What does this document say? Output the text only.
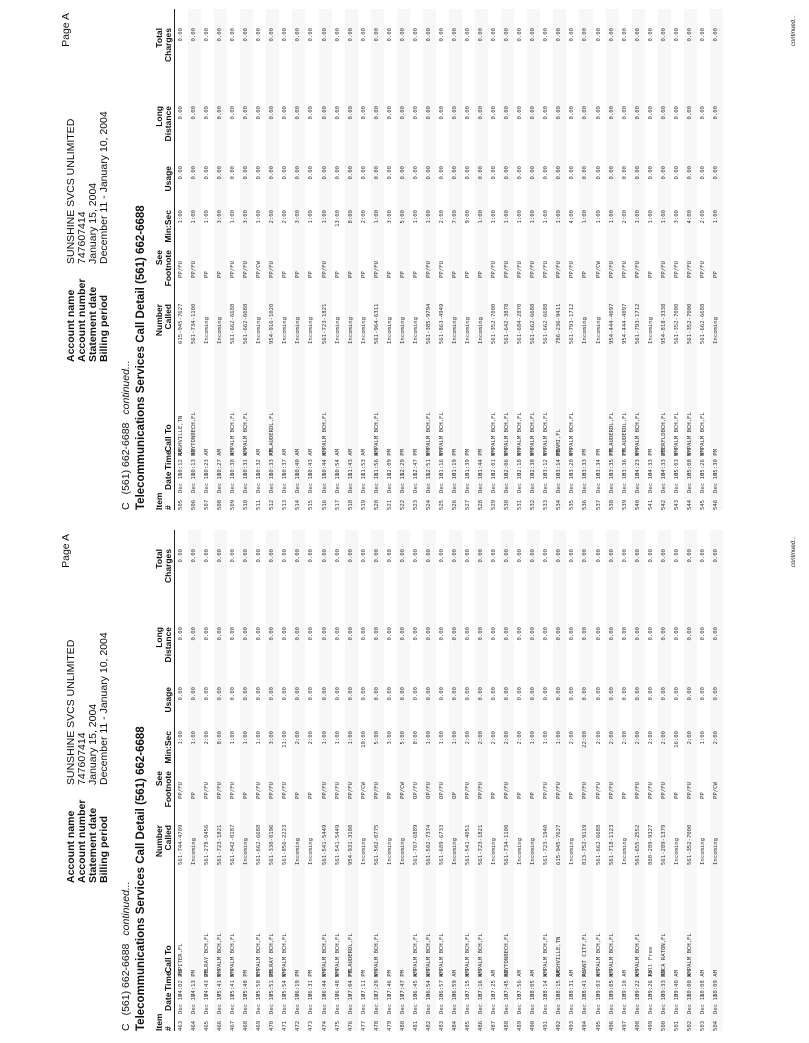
Page A
Account name
SUNSHINE SVCS UNLIMITED
Account number
747607414
Statement date
January 15, 2004
Billing period
December 11 - January 10, 2004
C(561) 662-6688continued... Telecommunications Services Call Detail (561) 662-6688 Item #
Date
Time
Call To
Number
Called
See
Footnote
Min:Sec
Usage
Long
Distance
Total
Charges
463
Dec 17
04:02 PM
JUPITER,FL
561-744-4709
PP/FU
1:00
0.00
0.00
0.00
464
Dec 17
04:13 PM
Incoming
PP
1:00
0.00
0.00
0.00
465
Dec 17
04:43 PM
DELRAY BCH,FL
561-278-0456
PP/FU
2:00
0.00
0.00
0.00
466
Dec 17
05:41 PM
W PALM BCH,FL
561-723-1821
PP/FU
8:00
0.00
0.00
0.00
467
Dec 17
05:41 PM
W PALM BCH,FL
561-842-0187
PP/FU
1:00
0.00
0.00
0.00
468
Dec 17
05:48 PM
Incoming
PP
1:00
0.00
0.00
0.00
469
Dec 17
05:50 PM
W PALM BCH,FL
561-662-6688
PP/FU
1:00
0.00
0.00
0.00
470
Dec 17
05:51 PM
DELRAY BCH,FL
561-330-0196
PP/FU
3:00
0.00
0.00
0.00
471
Dec 17
05:54 PM
W PALM BCH,FL
561-856-2223
PP/FU
11:00
0.00
0.00
0.00
472
Dec 17
06:19 PM
Incoming
PP
2:00
0.00
0.00
0.00
473
Dec 17
06:31 PM
Incoming
PP
2:00
0.00
0.00
0.00
474
Dec 17
06:44 PM
W PALM BCH,FL
561-541-5449
PP/FU
1:00
0.00
0.00
0.00
475
Dec 17
06:48 PM
W PALM BCH,FL
561-541-5449
PP/FU
1:00
0.00
0.00
0.00
476
Dec 17
07:04 PM
FTLAUDERDL,FL
954-931-3180
PP/FU
1:00
0.00
0.00
0.00
477
Dec 17
07:11 PM
Incoming
PP/CW
19:00
0.00
0.00
0.00
478
Dec 17
07:29 PM
W PALM BCH,FL
561-502-0775
PP/FU
5:00
0.00
0.00
0.00
479
Dec 17
07:46 PM
Incoming
PP
3:00
0.00
0.00
0.00
480
Dec 17
07:47 PM
Incoming
PP/CW
5:00
0.00
0.00
0.00
481
Dec 18
06:45 AM
W PALM BCH,FL
561-707-6889
OP/FU
8:00
0.00
0.00
0.00
482
Dec 18
06:54 AM
W PALM BCH,FL
561-502-7374
OP/FU
1:00
0.00
0.00
0.00
483
Dec 18
06:57 AM
W PALM BCH,FL
561-689-6733
OP/FU
1:00
0.00
0.00
0.00
484
Dec 18
06:59 AM
Incoming
OP
1:00
0.00
0.00
0.00
485
Dec 18
07:15 AM
W PALM BCH,FL
561-541-4051
PP/FU
2:00
0.00
0.00
0.00
486
Dec 18
07:16 AM
W PALM BCH,FL
561-723-1821
PP/FU
2:00
0.00
0.00
0.00
487
Dec 18
07:25 AM
Incoming
PP
2:00
0.00
0.00
0.00
488
Dec 18
07:45 AM
BOYTONBECH,FL
561-734-1100
PP/FU
2:00
0.00
0.00
0.00
489
Dec 18
07:56 AM
Incoming
PP
2:00
0.00
0.00
0.00
490
Dec 18
08:05 AM
Incoming
PP
1:00
0.00
0.00
0.00
491
Dec 18
08:14 AM
W PALM BCH,FL
561-723-1940
PP/FU
1:00
0.00
0.00
0.00
492
Dec 18
08:15 AM
NASHVILLE,TN
615-945-7627
PP/FU
1:00
0.00
0.00
0.00
493
Dec 18
08:31 AM
Incoming
PP
2:00
0.00
0.00
0.00
494
Dec 18
08:41 AM
PLANT CITY,FL
813-752-9119
PP/FU
22:00
0.00
0.00
0.00
495
Dec 18
09:03 AM
W PALM BCH,FL
561-662-6688
PP/FU
2:00
0.00
0.00
0.00
496
Dec 18
09:05 AM
W PALM BCH,FL
561-718-1123
PP/FU
2:00
0.00
0.00
0.00
497
Dec 18
09:10 AM
Incoming
PP
2:00
0.00
0.00
0.00
498
Dec 18
09:22 AM
W PALM BCH,FL
561-655-2552
PP/FU
2:00
0.00
0.00
0.00
499
Dec 18
09:26 AM
Toll Free
800-289-9327
PP/FU
2:00
0.00
0.00
0.00
500
Dec 18
09:33 AM
BOCA RATON,FL
561-289-1379
PP/FU
2:00
0.00
0.00
0.00
501
Dec 18
09:40 AM
Incoming
PP
16:00
0.00
0.00
0.00
502
Dec 18
10:00 AM
W PALM BCH,FL
561-352-7000
PP/FU
2:00
0.00
0.00
0.00
503
Dec 18
10:08 AM
Incoming
PP
1:00
0.00
0.00
0.00
504
Dec 18
10:09 AM
Incoming
PP/CW
2:00
0.00
0.00
0.00	continued...
Page A
Account name
SUNSHINE SVCS UNLIMITED
Account number
747607414
Statement date
January 15, 2004
Billing period
December 11 - January 10, 2004
C(561) 662-6688continued... Telecommunications Services Call Detail (561) 662-6688 Item #
Date
Time
Call To
Number
Called
See
Footnote
Min:Sec
Usage
Long
Distance
Total
Charges
505
Dec 18
10:12 AM
NASHVILLE,TN
615-945-7627
PP/FU
1:00
0.00
0.00
0.00
506
Dec 18
10:13 AM
BOYTONBECH,FL
561-734-1100
PP/FU
1:00
0.00
0.00
0.00
507
Dec 18
10:23 AM
Incoming
PP
1:00
0.00
0.00
0.00
508
Dec 18
10:27 AM
Incoming
PP
3:00
0.00
0.00
0.00
509
Dec 18
10:30 AM
W PALM BCH,FL
561-662-6688
PP/FU
1:00
0.00
0.00
0.00
510
Dec 18
10:31 AM
W PALM BCH,FL
561-662-6688
PP/FU
3:00
0.00
0.00
0.00
511
Dec 18
10:32 AM
Incoming
PP/CW
1:00
0.00
0.00
0.00
512
Dec 18
10:33 AM
FTLAUDERDL,FL
954-916-1020
PP/FU
2:00
0.00
0.00
0.00
513
Dec 18
10:37 AM
Incoming
PP
2:00
0.00
0.00
0.00
514
Dec 18
10:40 AM
Incoming
PP
3:00
0.00
0.00
0.00
515
Dec 18
10:43 AM
Incoming
PP
1:00
0.00
0.00
0.00
516
Dec 18
10:44 AM
W PALM BCH,FL
561-723-1821
PP/FU
1:00
0.00
0.00
0.00
517
Dec 18
10:54 AM
Incoming
PP
13:00
0.00
0.00
0.00
518
Dec 18
11:43 AM
Incoming
PP
8:00
0.00
0.00
0.00
519
Dec 18
11:53 AM
Incoming
PP
2:00
0.00
0.00
0.00
520
Dec 18
11:56 AM
W PALM BCH,FL
561-964-6311
PP/FU
1:00
0.00
0.00
0.00
521
Dec 18
12:09 PM
Incoming
PP
3:00
0.00
0.00
0.00
522
Dec 18
12:29 PM
Incoming
PP
5:00
0.00
0.00
0.00
523
Dec 18
12:47 PM
Incoming
PP
1:00
0.00
0.00
0.00
524
Dec 18
12:51 PM
W PALM BCH,FL
561-385-9794
PP/FU
1:00
0.00
0.00
0.00
525
Dec 18
01:16 PM
W PALM BCH,FL
561-863-4949
PP/FU
2:00
0.00
0.00
0.00
526
Dec 18
01:19 PM
Incoming
PP
7:00
0.00
0.00
0.00
527
Dec 18
01:39 PM
Incoming
PP
9:00
0.00
0.00
0.00
528
Dec 18
01:44 PM
Incoming
PP
1:00
0.00
0.00
0.00
529
Dec 18
02:01 PM
W PALM BCH,FL
561-352-7000
PP/FU
1:00
0.00
0.00
0.00
530
Dec 18
02:06 PM
W PALM BCH,FL
561-642-3878
PP/FU
1:00
0.00
0.00
0.00
531
Dec 18
02:18 PM
W PALM BCH,FL
561-684-2870
PP/FU
1:00
0.00
0.00
0.00
532
Dec 18
02:38 PM
W PALM BCH,FL
561-662-6688
PP/FU
1:00
0.00
0.00
0.00
533
Dec 18
03:12 PM
W PALM BCH,FL
561-662-6688
PP/FU
1:00
0.00
0.00
0.00
534
Dec 18
03:14 PM
MIAMI,FL
786-236-9411
PP/FU
1:00
0.00
0.00
0.00
535
Dec 18
03:20 PM
W PALM BCH,FL
561-793-1712
PP/FU
4:00
0.00
0.00
0.00
536
Dec 18
03:33 PM
Incoming
PP
1:00
0.00
0.00
0.00
537
Dec 18
03:34 PM
Incoming
PP/CW
1:00
0.00
0.00
0.00
538
Dec 18
03:35 PM
FTLAUDERDL,FL
954-444-4097
PP/FU
1:00
0.00
0.00
0.00
539
Dec 18
03:36 PM
FTLAUDERDL,FL
954-444-4097
PP/FU
2:00
0.00
0.00
0.00
540
Dec 18
04:23 PM
W PALM BCH,FL
561-793-1712
PP/FU
1:00
0.00
0.00
0.00
541
Dec 18
04:33 PM
Incoming
PP
1:00
0.00
0.00
0.00
542
Dec 18
04:33 PM
DEERFLDBCH,FL
954-818-3338
PP/FU
1:00
0.00
0.00
0.00
543
Dec 18
05:03 PM
W PALM BCH,FL
561-352-7000
PP/FU
3:00
0.00
0.00
0.00
544
Dec 18
05:08 PM
W PALM BCH,FL
561-352-7000
PP/FU
4:00
0.00
0.00
0.00
545
Dec 18
05:26 PM
W PALM BCH,FL
561-662-6688
PP/FU
2:00
0.00
0.00
0.00
546
Dec 18
05:30 PM
Incoming
PP
1:00
0.00
0.00
0.00	continued...
